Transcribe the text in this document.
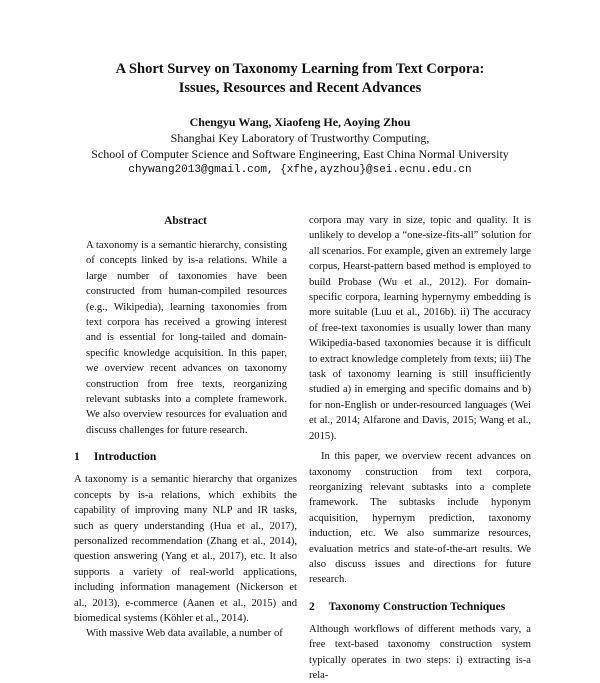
A Short Survey on Taxonomy Learning from Text Corpora:
Issues, Resources and Recent Advances
Chengyu Wang, Xiaofeng He, Aoying Zhou
Shanghai Key Laboratory of Trustworthy Computing,
School of Computer Science and Software Engineering, East China Normal University
chywang2013@gmail.com, {xfhe,ayzhou}@sei.ecnu.edu.cn
Abstract

A taxonomy is a semantic hierarchy, consisting of concepts linked by is-a relations. While a large number of taxonomies have been constructed from human-compiled resources (e.g., Wikipedia), learning taxonomies from text corpora has received a growing interest and is essential for long-tailed and domain-specific knowledge acquisition. In this paper, we overview recent advances on taxonomy construction from free texts, reorganizing relevant subtasks into a complete framework. We also overview resources for evaluation and discuss challenges for future research.

1 Introduction

A taxonomy is a semantic hierarchy that organizes concepts by is-a relations, which exhibits the capability of improving many NLP and IR tasks, such as query understanding (Hua et al., 2017), personalized recommendation (Zhang et al., 2014), question answering (Yang et al., 2017), etc. It also supports a variety of real-world applications, including information management (Nickerson et al., 2013), e-commerce (Aanen et al., 2015) and biomedical systems (Köhler et al., 2014).

With massive Web data available, a number of

corpora may vary in size, topic and quality. It is unlikely to develop a “one-size-fits-all” solution for all scenarios. For example, given an extremely large corpus, Hearst-pattern based method is employed to build Probase (Wu et al., 2012). For domain-specific corpora, learning hypernymy embedding is more suitable (Luu et al., 2016b). ii) The accuracy of free-text taxonomies is usually lower than many Wikipedia-based taxonomies because it is difficult to extract knowledge completely from texts; iii) The task of taxonomy learning is still insufficiently studied a) in emerging and specific domains and b) for non-English or under-resourced languages (Wei et al., 2014; Alfarone and Davis, 2015; Wang et al., 2015).

In this paper, we overview recent advances on taxonomy construction from text corpora, reorganizing relevant subtasks into a complete framework. The subtasks include hyponym acquisition, hypernym prediction, taxonomy induction, etc. We also summarize resources, evaluation metrics and state-of-the-art results. We also discuss issues and directions for future research.

2 Taxonomy Construction Techniques

Although workflows of different methods vary, a free text-based taxonomy construction system typically operates in two steps: i) extracting is-a rela-
